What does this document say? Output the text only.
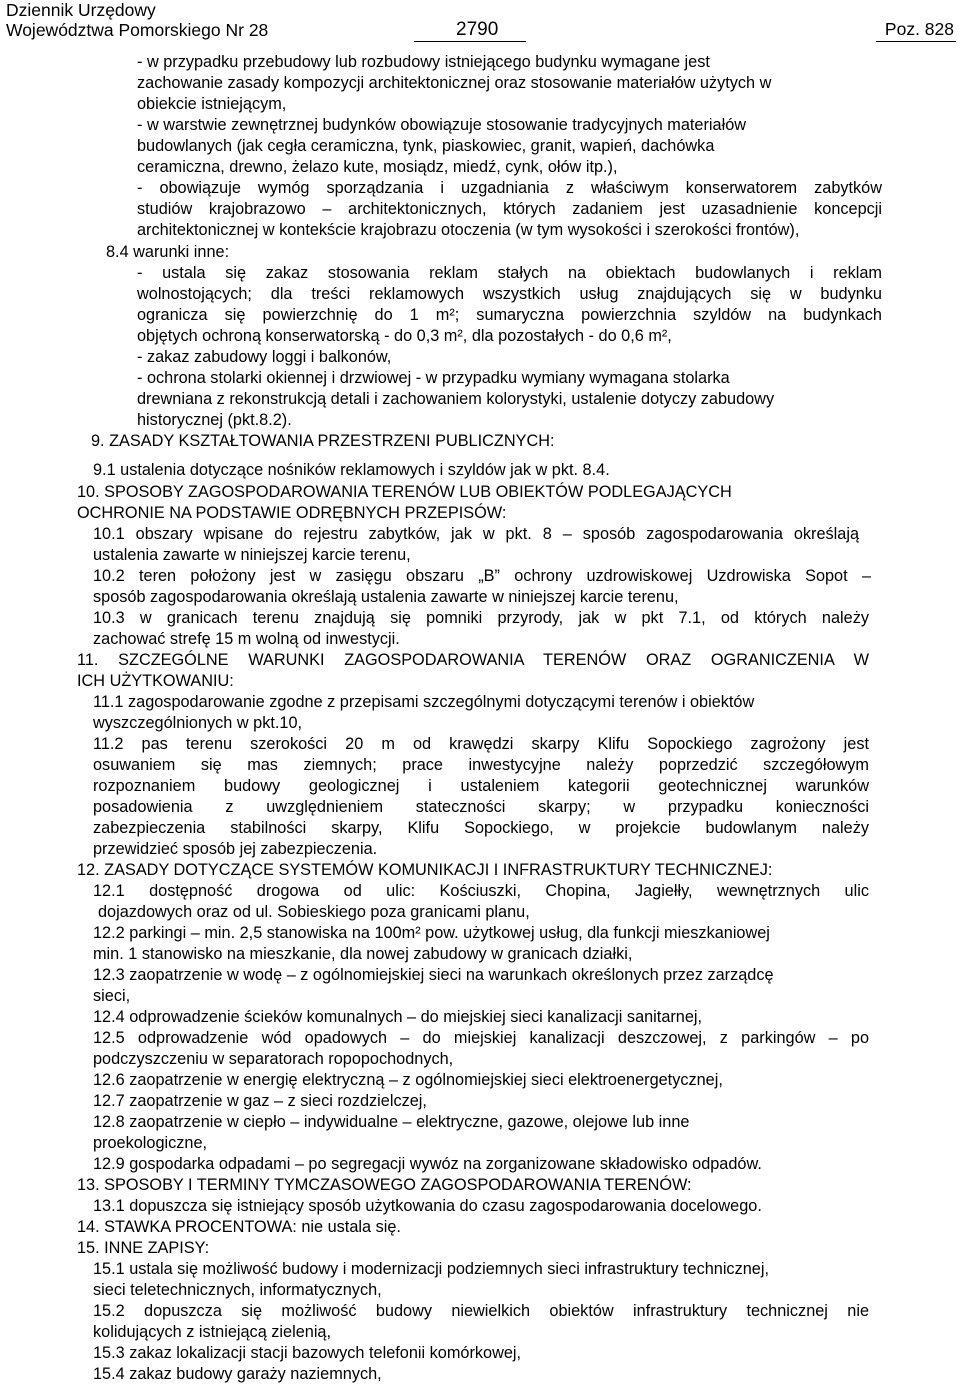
Dziennik Urzędowy
Województwa Pomorskiego Nr 28	2790	Poz. 828
- w przypadku przebudowy lub rozbudowy istniejącego budynku wymagane jest
zachowanie zasady kompozycji architektonicznej oraz stosowanie materiałów użytych w
obiekcie istniejącym,
- w warstwie zewnętrznej budynków obowiązuje stosowanie tradycyjnych materiałów
budowlanych (jak cegła ceramiczna, tynk, piaskowiec, granit, wapień, dachówka
ceramiczna, drewno, żelazo kute, mosiądz, miedź, cynk, ołów itp.),
- obowiązuje wymóg sporządzania i uzgadniania z właściwym konserwatorem zabytków
studiów krajobrazowo – architektonicznych, których zadaniem jest uzasadnienie koncepcji
architektonicznej w kontekście krajobrazu otoczenia (w tym wysokości i szerokości frontów),
8.4 warunki inne:
- ustala się zakaz stosowania reklam stałych na obiektach budowlanych i reklam
wolnostojących; dla treści reklamowych wszystkich usług znajdujących się w budynku
ogranicza się powierzchnię do 1 m²; sumaryczna powierzchnia szyldów na budynkach
objętych ochroną konserwatorską - do 0,3 m², dla pozostałych - do 0,6 m²,
- zakaz zabudowy loggi i balkonów,
- ochrona stolarki okiennej i drzwiowej - w przypadku wymiany wymagana stolarka
drewniana z rekonstrukcją detali i zachowaniem kolorystyki, ustalenie dotyczy zabudowy
historycznej (pkt.8.2).
9. ZASADY KSZTAŁTOWANIA PRZESTRZENI PUBLICZNYCH:
9.1 ustalenia dotyczące nośników reklamowych i szyldów jak w pkt. 8.4.
10. SPOSOBY ZAGOSPODAROWANIA TERENÓW LUB OBIEKTÓW PODLEGAJĄCYCH
OCHRONIE NA PODSTAWIE ODRĘBNYCH PRZEPISÓW:
10.1 obszary wpisane do rejestru zabytków, jak w pkt. 8 – sposób zagospodarowania określają
ustalenia zawarte w niniejszej karcie terenu,
10.2 teren położony jest w zasięgu obszaru „B” ochrony uzdrowiskowej Uzdrowiska Sopot –
sposób zagospodarowania określają ustalenia zawarte w niniejszej karcie terenu,
10.3 w granicach terenu znajdują się pomniki przyrody, jak w pkt 7.1, od których należy
zachować strefę 15 m wolną od inwestycji.
11. SZCZEGÓLNE WARUNKI ZAGOSPODAROWANIA TERENÓW ORAZ OGRANICZENIA W
ICH UŻYTKOWANIU:
11.1 zagospodarowanie zgodne z przepisami szczególnymi dotyczącymi terenów i obiektów
wyszczególnionych w pkt.10,
11.2 pas terenu szerokości 20 m od krawędzi skarpy Klifu Sopockiego zagrożony jest
osuwaniem się mas ziemnych; prace inwestycyjne należy poprzedzić szczegółowym
rozpoznaniem budowy geologicznej i ustaleniem kategorii geotechnicznej warunków
posadowienia z uwzględnieniem stateczności skarpy; w przypadku konieczności
zabezpieczenia stabilności skarpy, Klifu Sopockiego, w projekcie budowlanym należy
przewidzieć sposób jej zabezpieczenia.
12. ZASADY DOTYCZĄCE SYSTEMÓW KOMUNIKACJI I INFRASTRUKTURY TECHNICZNEJ:
12.1 dostępność drogowa od ulic: Kościuszki, Chopina, Jagiełły, wewnętrznych ulic
dojazdowych oraz od ul. Sobieskiego poza granicami planu,
12.2 parkingi – min. 2,5 stanowiska na 100m² pow. użytkowej usług, dla funkcji mieszkaniowej
min. 1 stanowisko na mieszkanie, dla nowej zabudowy w granicach działki,
12.3 zaopatrzenie w wodę – z ogólnomiejskiej sieci na warunkach określonych przez zarządcę
sieci,
12.4 odprowadzenie ścieków komunalnych – do miejskiej sieci kanalizacji sanitarnej,
12.5 odprowadzenie wód opadowych – do miejskiej kanalizacji deszczowej, z parkingów – po
podczyszczeniu w separatorach ropopochodnych,
12.6 zaopatrzenie w energię elektryczną – z ogólnomiejskiej sieci elektroenergetycznej,
12.7 zaopatrzenie w gaz – z sieci rozdzielczej,
12.8 zaopatrzenie w ciepło – indywidualne – elektryczne, gazowe, olejowe lub inne
proekologiczne,
12.9 gospodarka odpadami – po segregacji wywóz na zorganizowane składowisko odpadów.
13. SPOSOBY I TERMINY TYMCZASOWEGO ZAGOSPODAROWANIA TERENÓW:
13.1 dopuszcza się istniejący sposób użytkowania do czasu zagospodarowania docelowego.
14. STAWKA PROCENTOWA: nie ustala się.
15. INNE ZAPISY:
15.1 ustala się możliwość budowy i modernizacji podziemnych sieci infrastruktury technicznej,
sieci teletechnicznych, informatycznych,
15.2 dopuszcza się możliwość budowy niewielkich obiektów infrastruktury technicznej nie
kolidujących z istniejącą zielenią,
15.3 zakaz lokalizacji stacji bazowych telefonii komórkowej,
15.4 zakaz budowy garaży naziemnych,
